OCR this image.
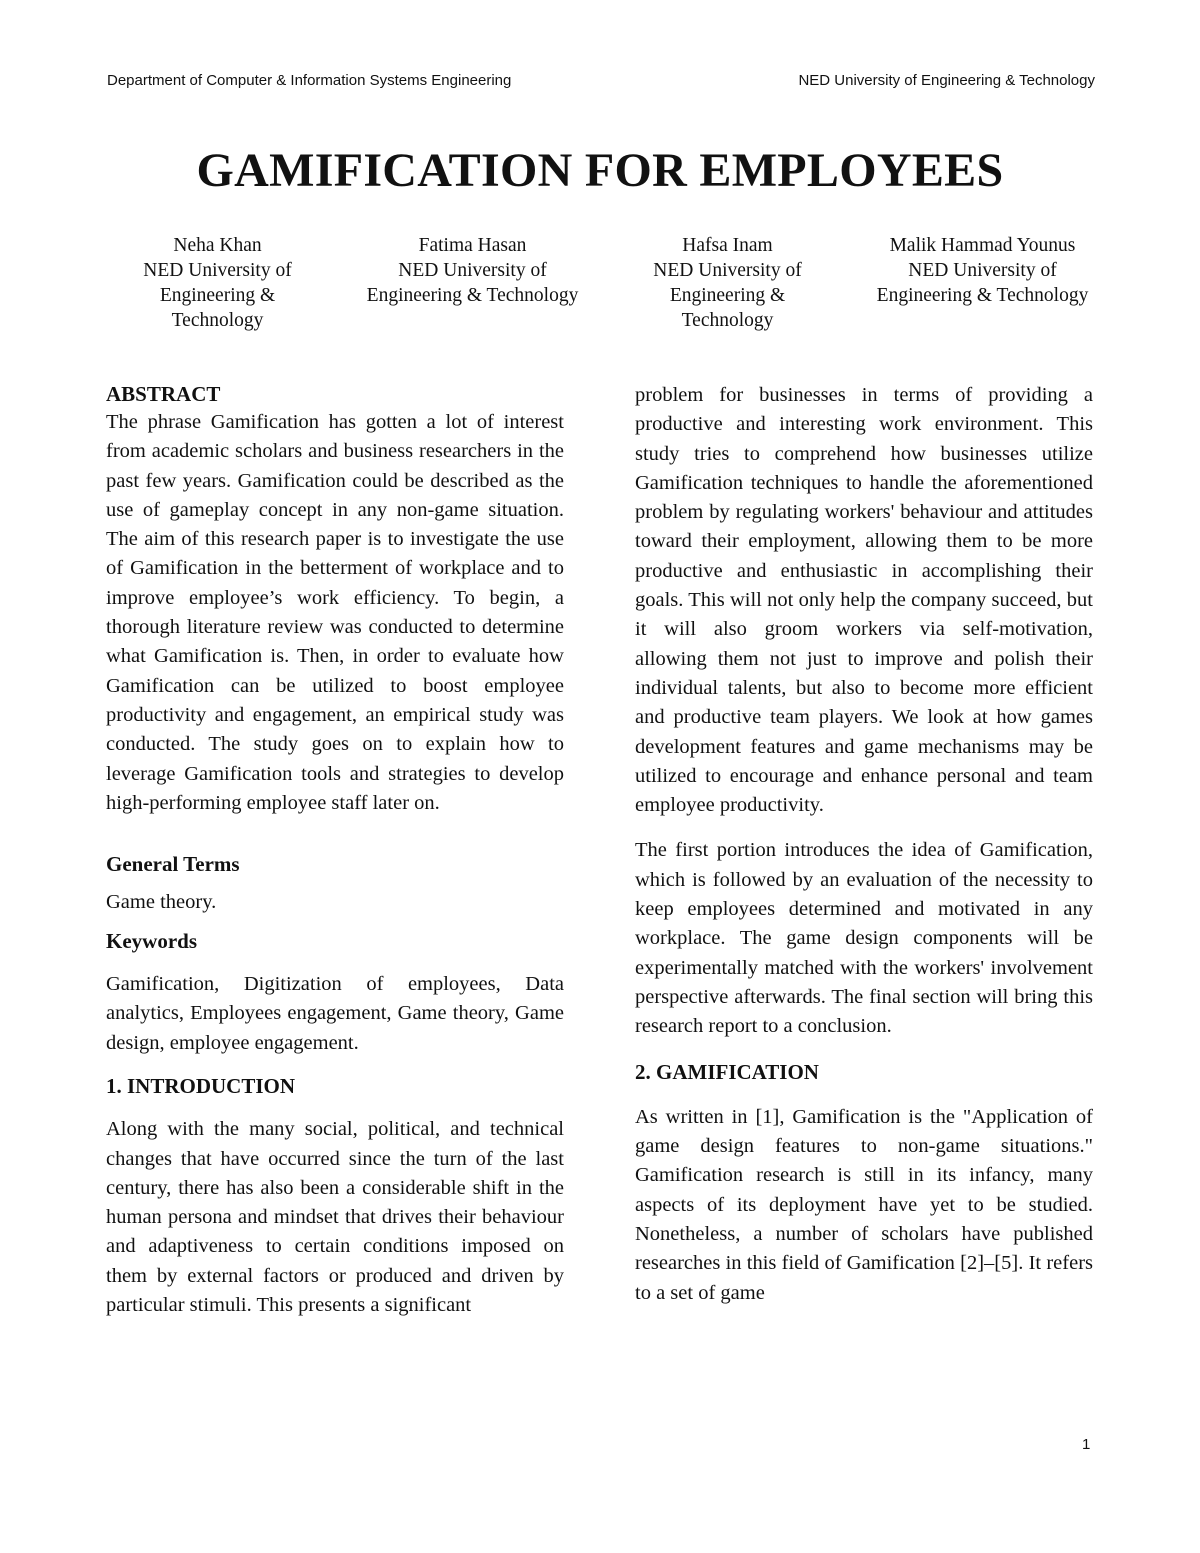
Department of Computer & Information Systems Engineering	NED University of Engineering & Technology
GAMIFICATION FOR EMPLOYEES
Neha Khan
NED University of
Engineering &
Technology
Fatima Hasan
NED University of
Engineering & Technology
Hafsa Inam
NED University of
Engineering &
Technology
Malik Hammad Younus
NED University of
Engineering & Technology

ABSTRACT

The phrase Gamification has gotten a lot of interest from academic scholars and business researchers in the past few years. Gamification could be described as the use of gameplay concept in any non-game situation. The aim of this research paper is to investigate the use of Gamification in the betterment of workplace and to improve employee’s work efficiency. To begin, a thorough literature review was conducted to determine what Gamification is. Then, in order to evaluate how Gamification can be utilized to boost employee productivity and engagement, an empirical study was conducted. The study goes on to explain how to leverage Gamification tools and strategies to develop high-performing employee staff later on.

General Terms

Game theory.

Keywords

Gamification, Digitization of employees, Data analytics, Employees engagement, Game theory, Game design, employee engagement.

1. INTRODUCTION

Along with the many social, political, and technical changes that have occurred since the turn of the last century, there has also been a considerable shift in the human persona and mindset that drives their behaviour and adaptiveness to certain conditions imposed on them by external factors or produced and driven by particular stimuli. This presents a significant

problem for businesses in terms of providing a productive and interesting work environment. This study tries to comprehend how businesses utilize Gamification techniques to handle the aforementioned problem by regulating workers' behaviour and attitudes toward their employment, allowing them to be more productive and enthusiastic in accomplishing their goals. This will not only help the company succeed, but it will also groom workers via self-motivation, allowing them not just to improve and polish their individual talents, but also to become more efficient and productive team players. We look at how games development features and game mechanisms may be utilized to encourage and enhance personal and team employee productivity.

The first portion introduces the idea of Gamification, which is followed by an evaluation of the necessity to keep employees determined and motivated in any workplace. The game design components will be experimentally matched with the workers' involvement perspective afterwards. The final section will bring this research report to a conclusion.

2. GAMIFICATION

As written in [1], Gamification is the "Application of game design features to non-game situations." Gamification research is still in its infancy, many aspects of its deployment have yet to be studied. Nonetheless, a number of scholars have published researches in this field of Gamification [2]–[5]. It refers to a set of game

1
